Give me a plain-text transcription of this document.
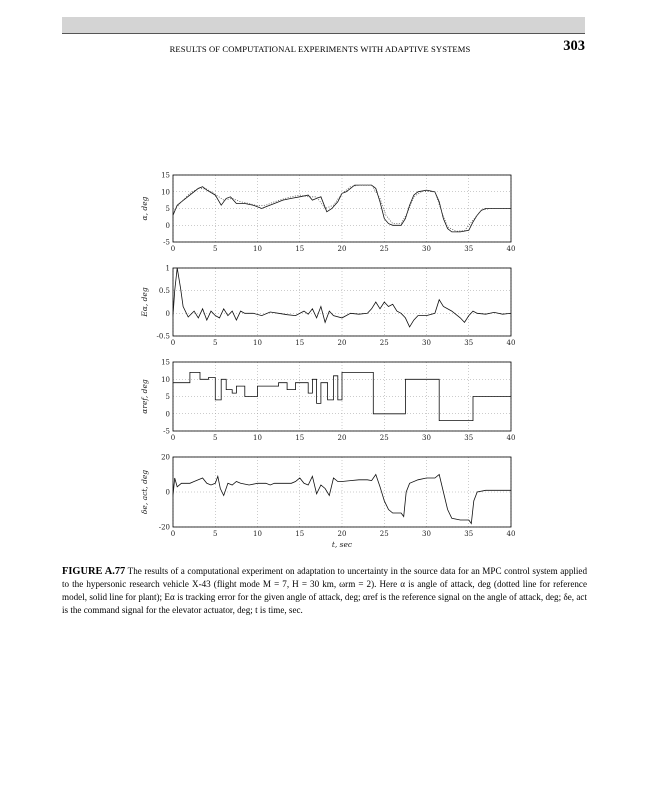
RESULTS OF COMPUTATIONAL EXPERIMENTS WITH ADAPTIVE SYSTEMS	303
0	5	10	15	20	25	30	35	40
-5
0
5
10
15
α, deg
0	5	10	15	20	25	30	35	40
-0.5
0
0.5
1
Eα, deg
0	5	10	15	20	25	30	35	40
-5
0
5
10
15
αref, deg
0	5	10	15	20	25	30	35	40
-20
0
20
δe, act, deg
t, sec
FIGURE A.77 The results of a computational experiment on adaptation to uncertainty in the source data for an MPC control system applied to the hypersonic research vehicle X-43 (flight mode M = 7, H = 30 km, ωrm = 2). Here α is angle of attack, deg (dotted line for reference model, solid line for plant); Eα is tracking error for the given angle of attack, deg; αref is the reference signal on the angle of attack, deg; δe, act is the command signal for the elevator actuator, deg; t is time, sec.
